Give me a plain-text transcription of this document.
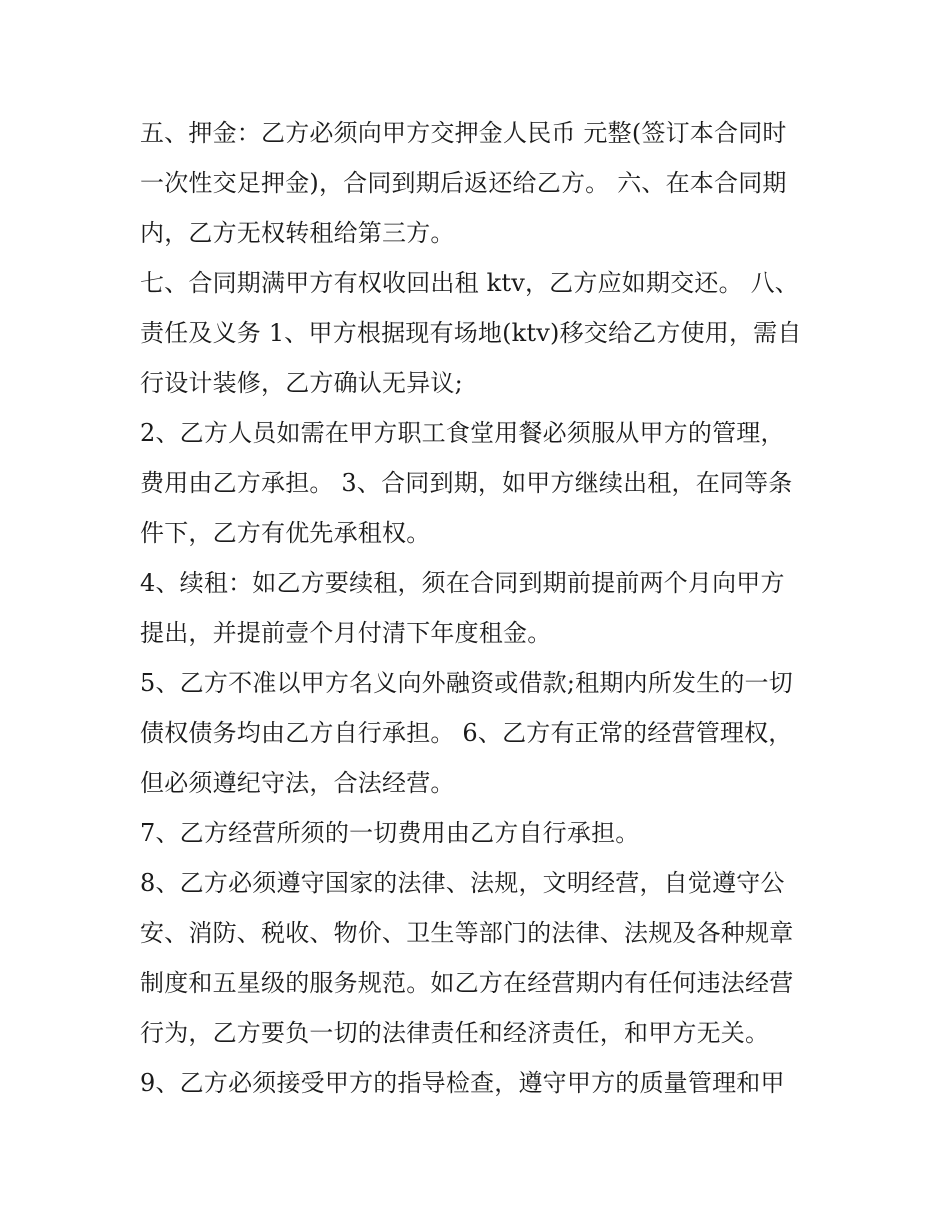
五、押金：乙方必须向甲方交押金人民币 元整(签订本合同时
一次性交足押金)，合同到期后返还给乙方。 六、在本合同期
内，乙方无权转租给第三方。
七、合同期满甲方有权收回出租 ktv，乙方应如期交还。 八、
责任及义务 1、甲方根据现有场地(ktv)移交给乙方使用，需自
行设计装修，乙方确认无异议;
2、乙方人员如需在甲方职工食堂用餐必须服从甲方的管理，
费用由乙方承担。 3、合同到期，如甲方继续出租，在同等条
件下，乙方有优先承租权。
4、续租：如乙方要续租，须在合同到期前提前两个月向甲方
提出，并提前壹个月付清下年度租金。
5、乙方不准以甲方名义向外融资或借款;租期内所发生的一切
债权债务均由乙方自行承担。 6、乙方有正常的经营管理权，
但必须遵纪守法，合法经营。
7、乙方经营所须的一切费用由乙方自行承担。
8、乙方必须遵守国家的法律、法规，文明经营，自觉遵守公
安、消防、税收、物价、卫生等部门的法律、法规及各种规章
制度和五星级的服务规范。如乙方在经营期内有任何违法经营
行为，乙方要负一切的法律责任和经济责任，和甲方无关。
9、乙方必须接受甲方的指导检查，遵守甲方的质量管理和甲
